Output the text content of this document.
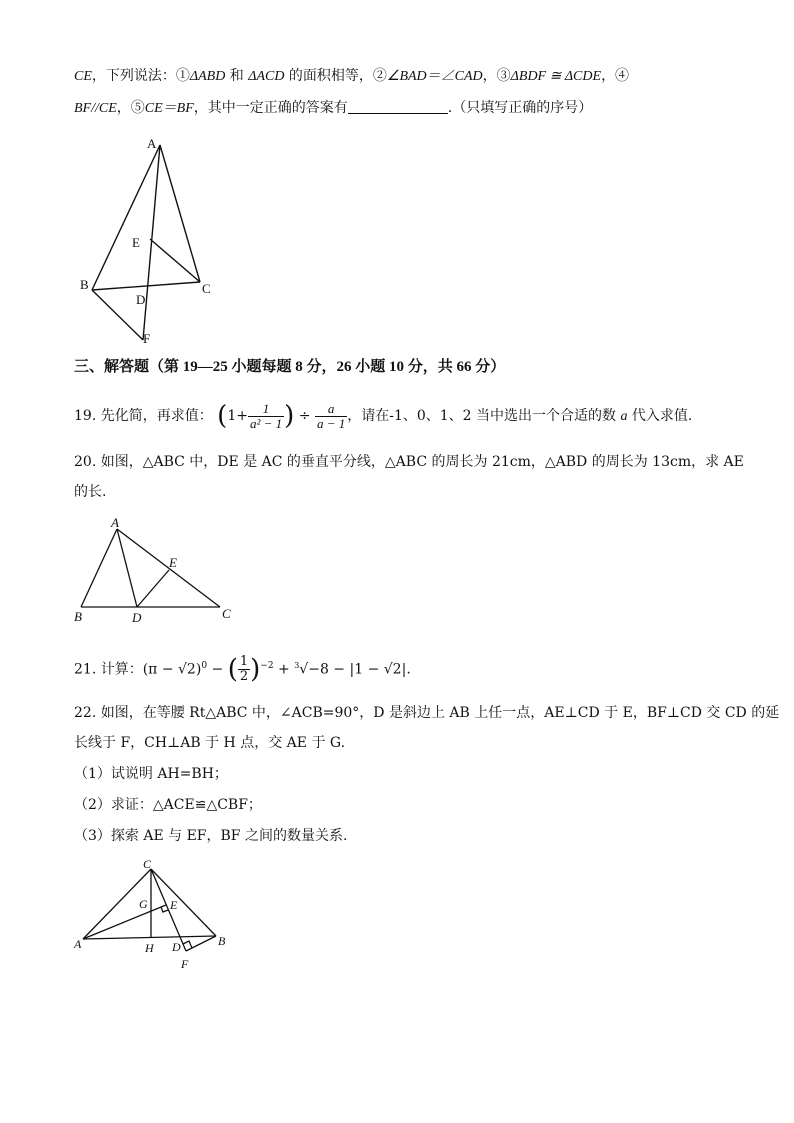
CE，下列说法：①ΔABD 和 ΔACD 的面积相等，②∠BAD＝∠CAD，③ΔBDF ≅ ΔCDE，④
BF//CE，⑤CE＝BF，其中一定正确的答案有	.（只填写正确的序号）
A
E
B
D
C
F
三、解答题（第 19—25 小题每题 8 分，26 小题 10 分，共 66 分）
19. 先化简，再求值： ($1+ \frac{1}{\text{a² − 1}}$ ) ÷ $\frac{a}{a - 1}$ ，请在-1、0、1、2 当中选出一个合适的数 a 代入求值.
20. 如图，△ABC 中，DE 是 AC 的垂直平分线，△ABC 的周长为 21cm，△ABD 的周长为 13cm，求 AE
的长.
A
E
B	D	C
21. 计算：$(\pi - √2)^0$ − ( $\frac{1}{2} )^{-2} + ^3√-8 - |1 - √2|$.
22. 如图，在等腰 Rt△ABC 中，∠ACB=90°，D 是斜边上 AB 上任一点，AE⊥CD 于 E，BF⊥CD 交 CD 的延
长线于 F，CH⊥AB 于 H 点，交 AE 于 G.
（1）试说明 AH=BH；
（2）求证：△ACE≌△CBF；
（3）探索 AE 与 EF，BF 之间的数量关系.
C
G E
A	H D	B
F
